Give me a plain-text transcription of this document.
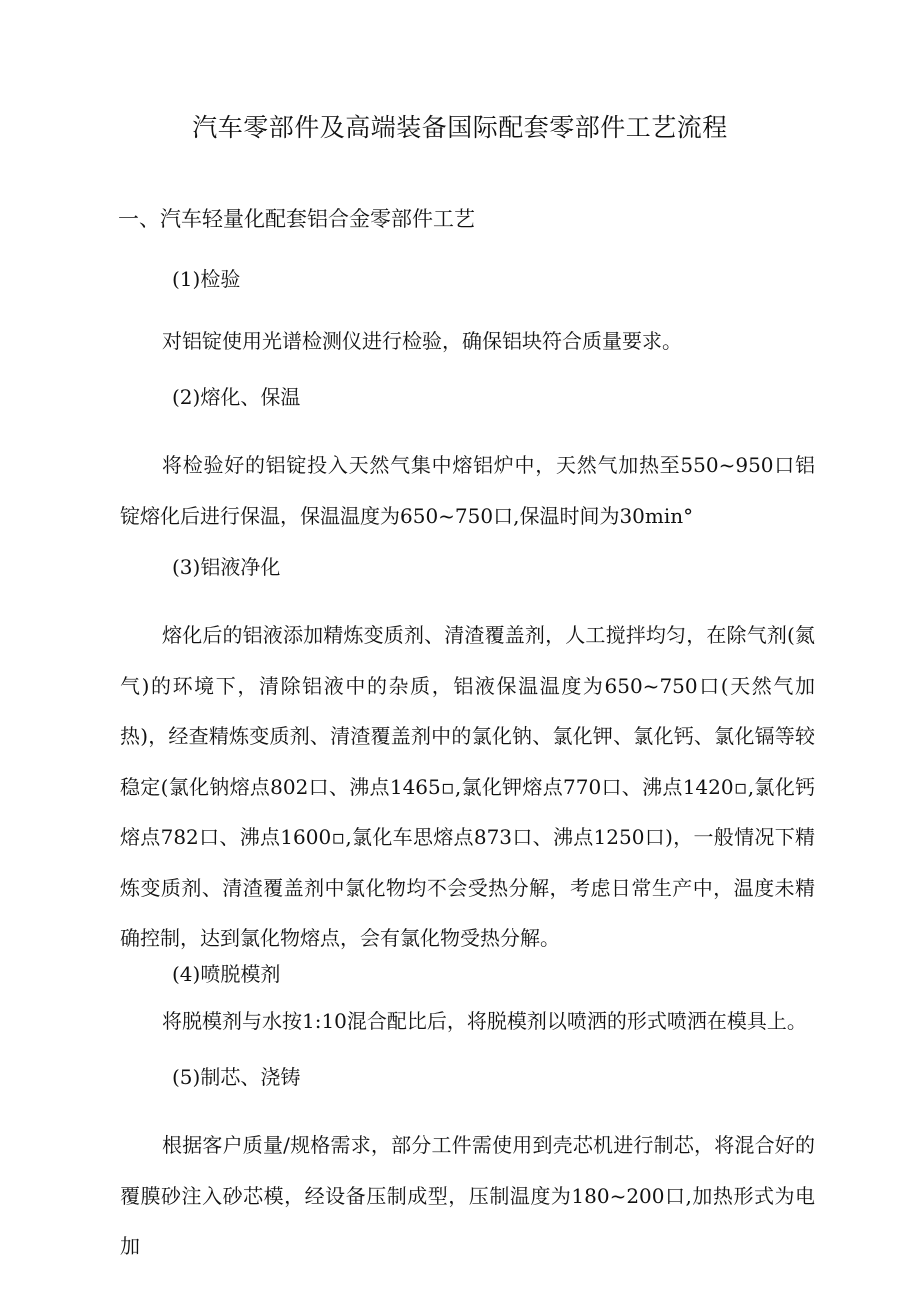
汽车零部件及高端装备国际配套零部件工艺流程
一、汽车轻量化配套铝合金零部件工艺
(1)检验
对铝锭使用光谱检测仪进行检验，确保铝块符合质量要求。
(2)熔化、保温
将检验好的铝锭投入天然气集中熔铝炉中，天然气加热至550~950口铝锭熔化后进行保温，保温温度为650~750口,保温时间为30min°
(3)铝液净化
熔化后的铝液添加精炼变质剂、清渣覆盖剂，人工搅拌均匀，在除气剂(氮气)的环境下，清除铝液中的杂质，铝液保温温度为650~750口(天然气加热)，经查精炼变质剂、清渣覆盖剂中的氯化钠、氯化钾、氯化钙、氯化镉等较稳定(氯化钠熔点802口、沸点1465▫,氯化钾熔点770口、沸点1420▫,氯化钙熔点782口、沸点1600▫,氯化车思熔点873口、沸点1250口)，一般情况下精炼变质剂、清渣覆盖剂中氯化物均不会受热分解，考虑日常生产中，温度未精确控制，达到氯化物熔点，会有氯化物受热分解。
(4)喷脱模剂
将脱模剂与水按1:10混合配比后，将脱模剂以喷洒的形式喷洒在模具上。
(5)制芯、浇铸
根据客户质量/规格需求，部分工件需使用到壳芯机进行制芯，将混合好的覆膜砂注入砂芯模，经设备压制成型，压制温度为180~200口,加热形式为电加
